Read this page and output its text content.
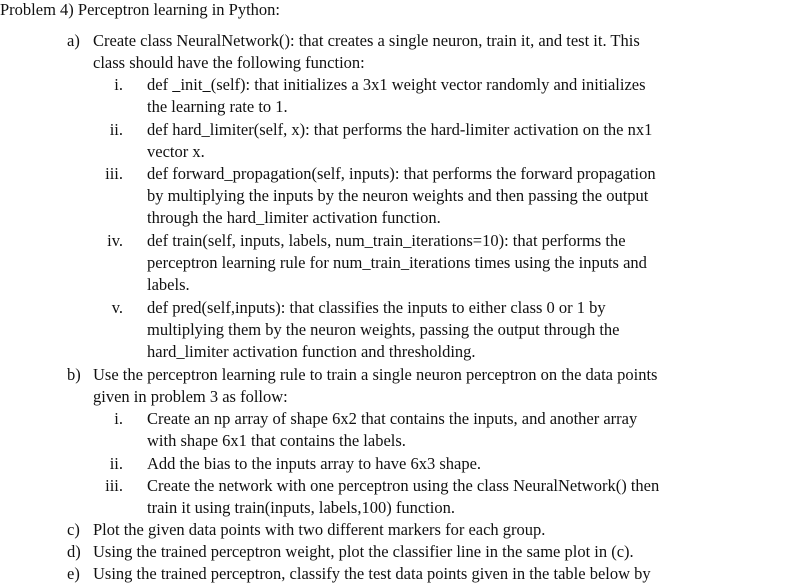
Problem 4) Perceptron learning in Python:
a) Create class NeuralNetwork(): that creates a single neuron, train it, and test it. This
class should have the following function:
i. def   init (self): that initializes a 3x1 weight vector randomly and initializes
the learning rate to 1.
ii. def hard_limiter(self, x): that performs the hard-limiter activation on the nx1
vector x.
iii. def forward_propagation(self, inputs): that performs the forward propagation
by multiplying the inputs by the neuron weights and then passing the output
through the hard_limiter activation function.
iv. def train(self, inputs, labels, num_train_iterations=10): that performs the
perceptron learning rule for num_train_iterations times using the inputs and
labels.
v. def pred(self,inputs): that classifies the inputs to either class 0 or 1 by
multiplying them by the neuron weights, passing the output through the
hard_limiter activation function and thresholding.
b) Use the perceptron learning rule to train a single neuron perceptron on the data points
given in problem 3 as follow:
i. Create an np array of shape 6x2 that contains the inputs, and another array
with shape 6x1 that contains the labels.
ii. Add the bias to the inputs array to have 6x3 shape.
iii. Create the network with one perceptron using the class NeuralNetwork() then
train it using train(inputs, labels,100) function.
c) Plot the given data points with two different markers for each group.
d) Using the trained perceptron weight, plot the classifier line in the same plot in (c).
e) Using the trained perceptron, classify the test data points given in the table below by
